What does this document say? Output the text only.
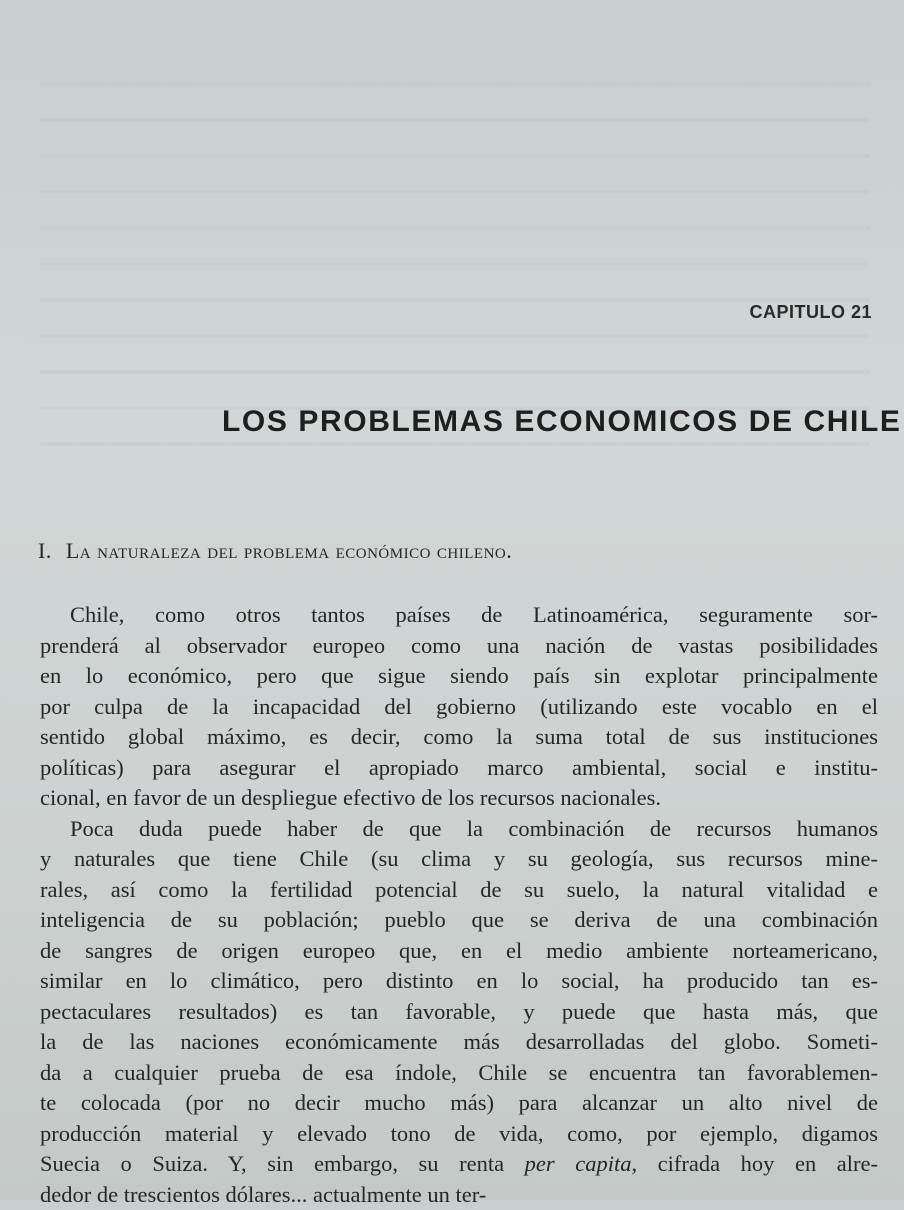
CAPITULO 21
LOS PROBLEMAS ECONOMICOS DE CHILE
I. La naturaleza del problema económico chileno.
Chile, como otros tantos países de Latinoamérica, seguramente sor-
prenderá al observador europeo como una nación de vastas posibilidades
en lo económico, pero que sigue siendo país sin explotar principalmente
por culpa de la incapacidad del gobierno (utilizando este vocablo en el
sentido global máximo, es decir, como la suma total de sus instituciones
políticas) para asegurar el apropiado marco ambiental, social e institu-
cional, en favor de un despliegue efectivo de los recursos nacionales.
Poca duda puede haber de que la combinación de recursos humanos
y naturales que tiene Chile (su clima y su geología, sus recursos mine-
rales, así como la fertilidad potencial de su suelo, la natural vitalidad e
inteligencia de su población; pueblo que se deriva de una combinación
de sangres de origen europeo que, en el medio ambiente norteamericano,
similar en lo climático, pero distinto en lo social, ha producido tan es-
pectaculares resultados) es tan favorable, y puede que hasta más, que
la de las naciones económicamente más desarrolladas del globo. Someti-
da a cualquier prueba de esa índole, Chile se encuentra tan favorablemen-
te colocada (por no decir mucho más) para alcanzar un alto nivel de
producción material y elevado tono de vida, como, por ejemplo, digamos
Suecia o Suiza. Y, sin embargo, su renta per capita, cifrada hoy en alre-
dedor de trescientos dólares... actualmente un ter-
